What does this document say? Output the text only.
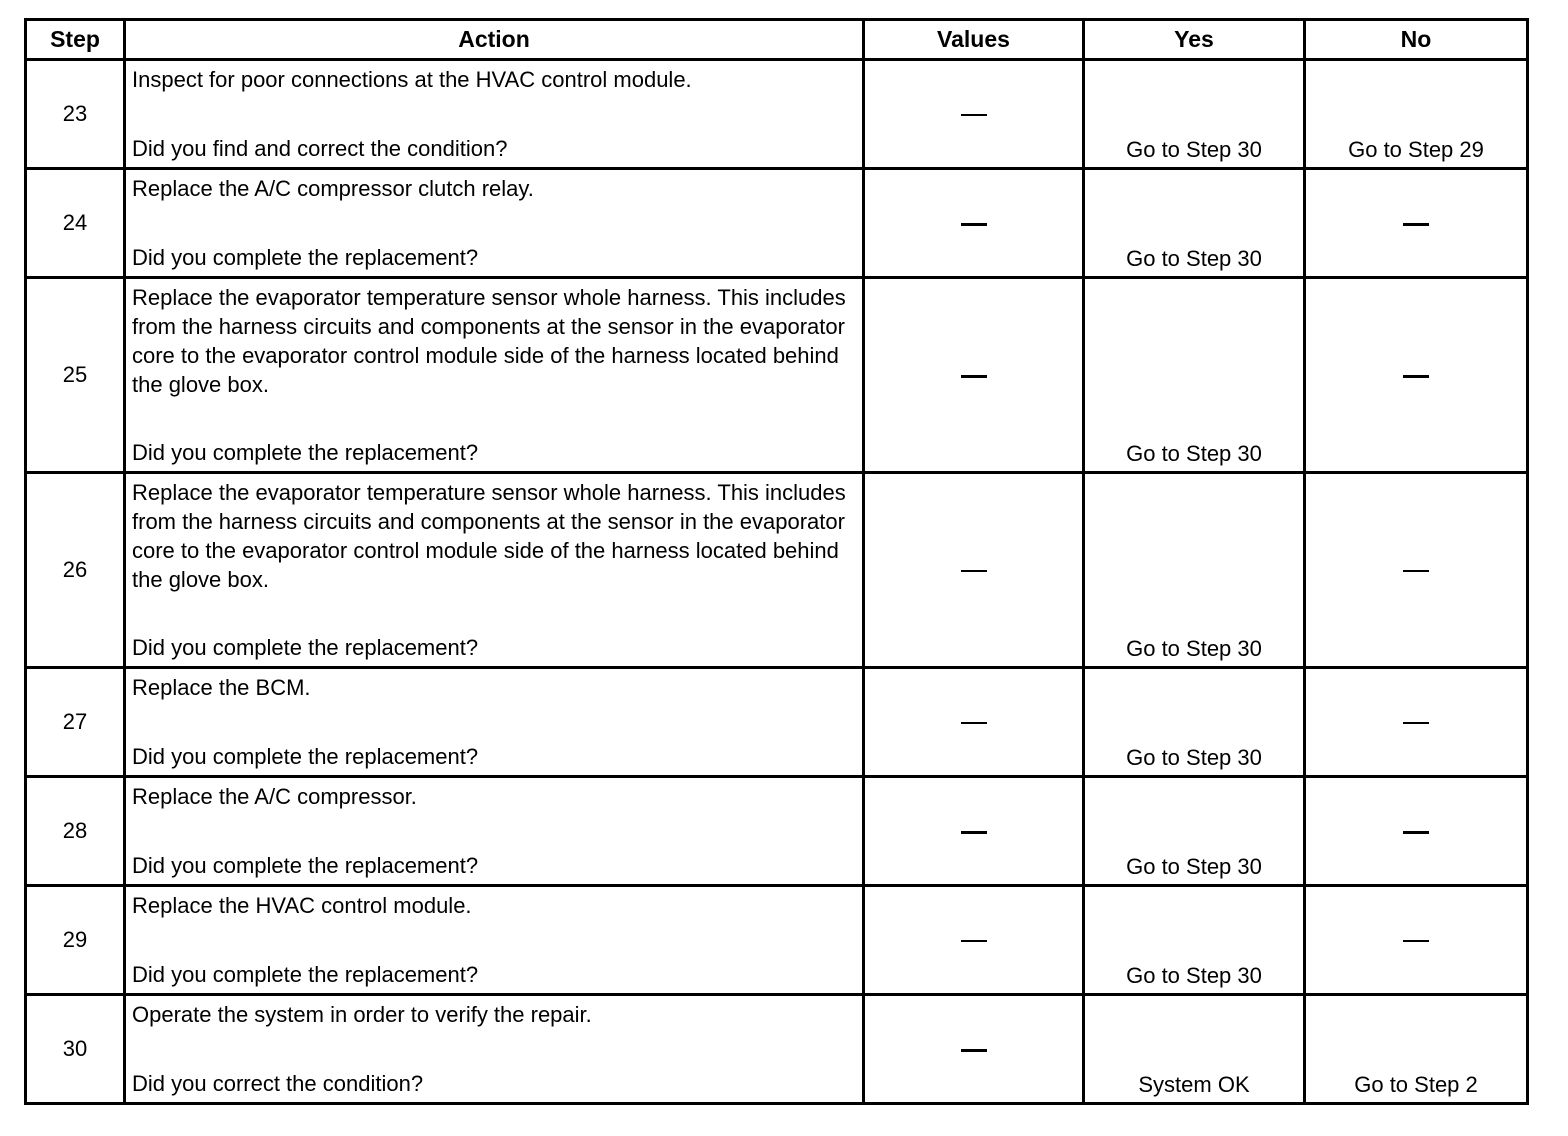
Step	Action	Values	Yes	No
23	Inspect for poor connections at the HVAC control module.
Did you find and correct the condition?		Go to Step 30	Go to Step 29

24	Replace the A/C compressor clutch relay.
Did you complete the replacement?		Go to Step 30

25	Replace the evaporator temperature sensor whole harness. This includes from the harness circuits and components at the sensor in the evaporator core to the evaporator control module side of the harness located behind the glove box.
Did you complete the replacement?		Go to Step 30

26	Replace the evaporator temperature sensor whole harness. This includes from the harness circuits and components at the sensor in the evaporator core to the evaporator control module side of the harness located behind the glove box.
Did you complete the replacement?		Go to Step 30

27	Replace the BCM.
Did you complete the replacement?		Go to Step 30

28	Replace the A/C compressor.
Did you complete the replacement?		Go to Step 30

29	Replace the HVAC control module.
Did you complete the replacement?		Go to Step 30

30	Operate the system in order to verify the repair.
Did you correct the condition?		System OK	Go to Step 2
